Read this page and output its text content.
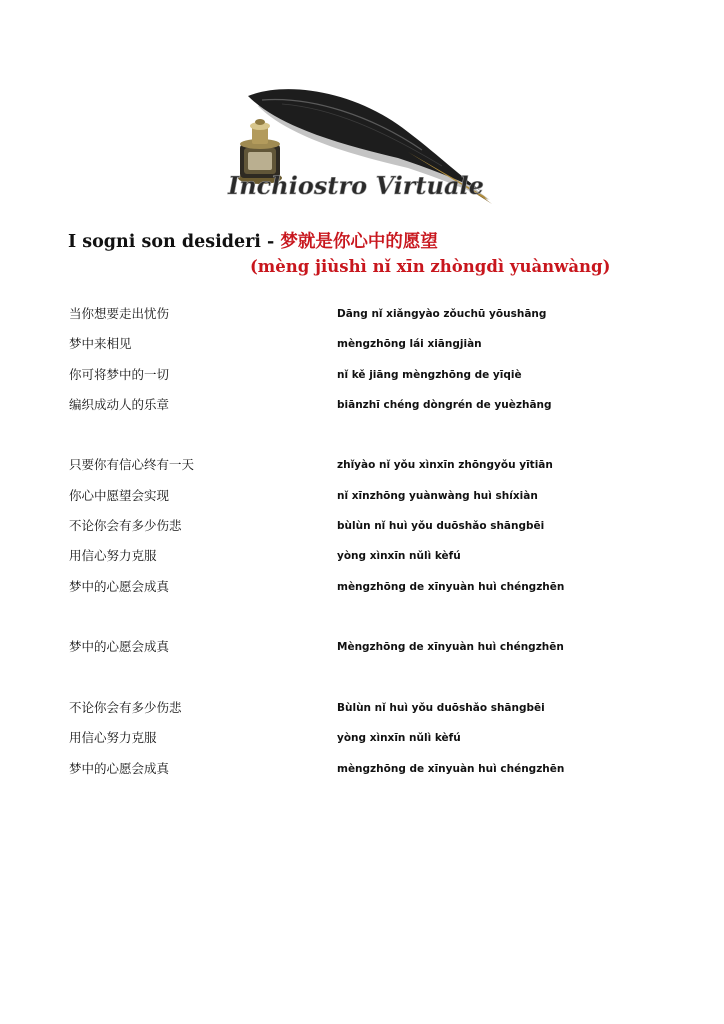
Inchiostro Virtuale
I sogni son desideri - 梦就是你心中的愿望
(mèng jiùshì nǐ xīn zhòngdì yuànwàng)
当你想要走出忧伤	Dāng nǐ xiǎngyào zǒuchū yōushāng
梦中来相见	mèngzhōng lái xiāngjiàn
你可将梦中的一切	nǐ kě jiāng mèngzhōng de yīqiè
编织成动人的乐章	biānzhī chéng dòngrén de yuèzhāng
只要你有信心终有一天	zhǐyào nǐ yǒu xìnxīn zhōngyǒu yītiān
你心中愿望会实现	nǐ xīnzhōng yuànwàng huì shíxiàn
不论你会有多少伤悲	bùlùn nǐ huì yǒu duōshǎo shāngbēi
用信心努力克服	yòng xìnxīn nǔlì kèfú
梦中的心愿会成真	mèngzhōng de xīnyuàn huì chéngzhēn
梦中的心愿会成真	Mèngzhōng de xīnyuàn huì chéngzhēn
不论你会有多少伤悲	Bùlùn nǐ huì yǒu duōshǎo shāngbēi
用信心努力克服	yòng xìnxīn nǔlì kèfú
梦中的心愿会成真	mèngzhōng de xīnyuàn huì chéngzhēn
